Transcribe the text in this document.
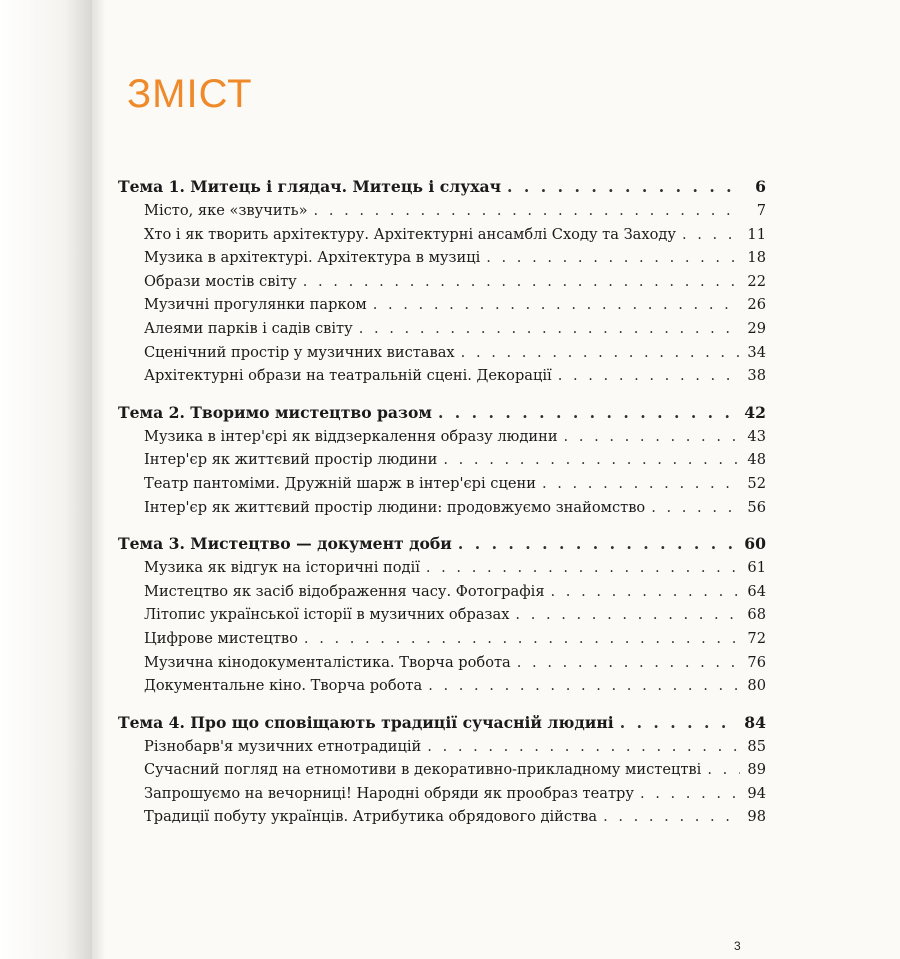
ЗМІСТ
Тема 1. Митець і глядач. Митець і слухач . . .	6
Місто, яке «звучить» . . .	7
Хто і як творить архітектуру. Архітектурні ансамблі Сходу та Заходу . . .	11
Музика в архітектурі. Архітектура в музиці . . .	18
Образи мостів світу . . .	22
Музичні прогулянки парком . . .	26
Алеями парків і садів світу . . .	29
Сценічний простір у музичних виставах . . .	34
Архітектурні образи на театральній сцені. Декорації . . .	38
Тема 2. Творимо мистецтво разом . . .	42
Музика в інтер'єрі як віддзеркалення образу людини . . .	43
Інтер'єр як життєвий простір людини . . .	48
Театр пантоміми. Дружній шарж в інтер'єрі сцени . . .	52
Інтер'єр як життєвий простір людини: продовжуємо знайомство . . .	56
Тема 3. Мистецтво — документ доби . . .	60
Музика як відгук на історичні події . . .	61
Мистецтво як засіб відображення часу. Фотографія . . .	64
Літопис української історії в музичних образах . . .	68
Цифрове мистецтво . . .	72
Музична кінодокументалістика. Творча робота . . .	76
Документальне кіно. Творча робота . . .	80
Тема 4. Про що сповіщають традиції сучасній людині . . .	84
Різнобарв'я музичних етнотрадицій . . .	85
Сучасний погляд на етномотиви в декоративно-прикладному мистецтві . . .	89
Запрошуємо на вечорниці! Народні обряди як прообраз театру . . .	94
Традиції побуту українців. Атрибутика обрядового дійства . . .	98
3
